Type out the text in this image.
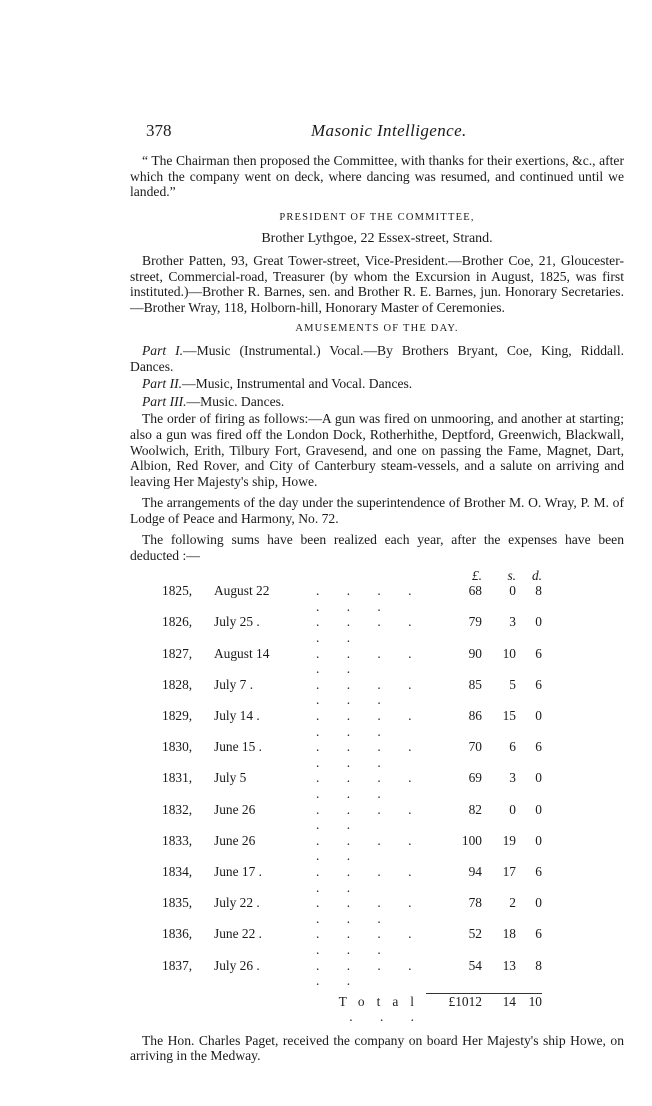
378	Masonic Intelligence.

“ The Chairman then proposed the Committee, with thanks for their exertions, &c., after which the company went on deck, where dancing was resumed, and continued until we landed.”

PRESIDENT OF THE COMMITTEE,

Brother Lythgoe, 22 Essex-street, Strand.

Brother Patten, 93, Great Tower-street, Vice-President.—Brother Coe, 21, Gloucester-street, Commercial-road, Treasurer (by whom the Excursion in August, 1825, was first instituted.)—Brother R. Barnes, sen. and Brother R. E. Barnes, jun. Honorary Secretaries.—Brother Wray, 118, Holborn-hill, Honorary Master of Ceremonies.

AMUSEMENTS OF THE DAY.

Part I.—Music (Instrumental.) Vocal.—By Brothers Bryant, Coe, King, Riddall. Dances.

Part II.—Music, Instrumental and Vocal. Dances.

Part III.—Music. Dances.

The order of firing as follows:—A gun was fired on unmooring, and another at starting; also a gun was fired off the London Dock, Rotherhithe, Deptford, Greenwich, Blackwall, Woolwich, Erith, Tilbury Fort, Gravesend, and one on passing the Fame, Magnet, Dart, Albion, Red Rover, and City of Canterbury steam-vessels, and a salute on arriving and leaving Her Majesty's ship, Howe.

The arrangements of the day under the superintendence of Brother M. O. Wray, P. M. of Lodge of Peace and Harmony, No. 72.

The following sums have been realized each year, after the expenses have been deducted :—

			£.	s.	d.
1825,	August 22	. . . . . . .	68	0	8
1826,	July 25 .	. . . . . .	79	3	0
1827,	August 14	. . . . . .	90	10	6
1828,	July 7 .	. . . . . . .	85	5	6
1829,	July 14 .	. . . . . . .	86	15	0
1830,	June 15 .	. . . . . . .	70	6	6
1831,	July 5	. . . . . . .	69	3	0
1832,	June 26	. . . . . .	82	0	0
1833,	June 26	. . . . . .	100	19	0
1834,	June 17 .	. . . . . .	94	17	6
1835,	July 22 .	. . . . . . .	78	2	0
1836,	June 22 .	. . . . . . .	52	18	6
1837,	July 26 .	. . . . . .	54	13	8
		Total . . .	£1012	14	10

The Hon. Charles Paget, received the company on board Her Majesty's ship Howe, on arriving in the Medway.
